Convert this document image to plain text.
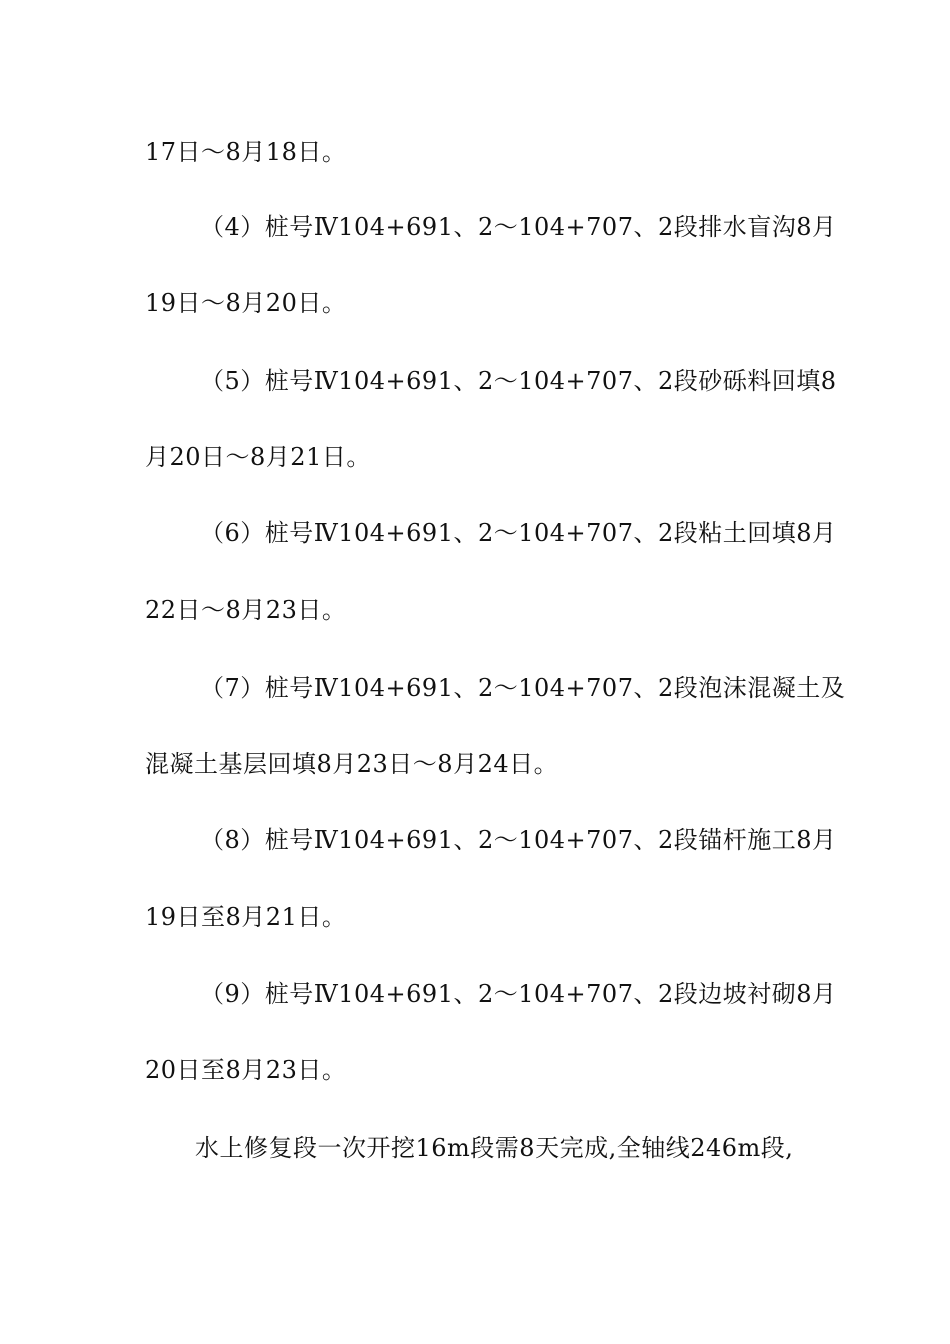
17日～8月18日。
（4）桩号Ⅳ104+691、2～104+707、2段排水盲沟8月
19日～8月20日。
（5）桩号Ⅳ104+691、2～104+707、2段砂砾料回填8
月20日～8月21日。
（6）桩号Ⅳ104+691、2～104+707、2段粘土回填8月
22日～8月23日。
（7）桩号Ⅳ104+691、2～104+707、2段泡沫混凝土及
混凝土基层回填8月23日～8月24日。
（8）桩号Ⅳ104+691、2～104+707、2段锚杆施工8月
19日至8月21日。
（9）桩号Ⅳ104+691、2～104+707、2段边坡衬砌8月
20日至8月23日。
水上修复段一次开挖16m段需8天完成,全轴线246m段,
